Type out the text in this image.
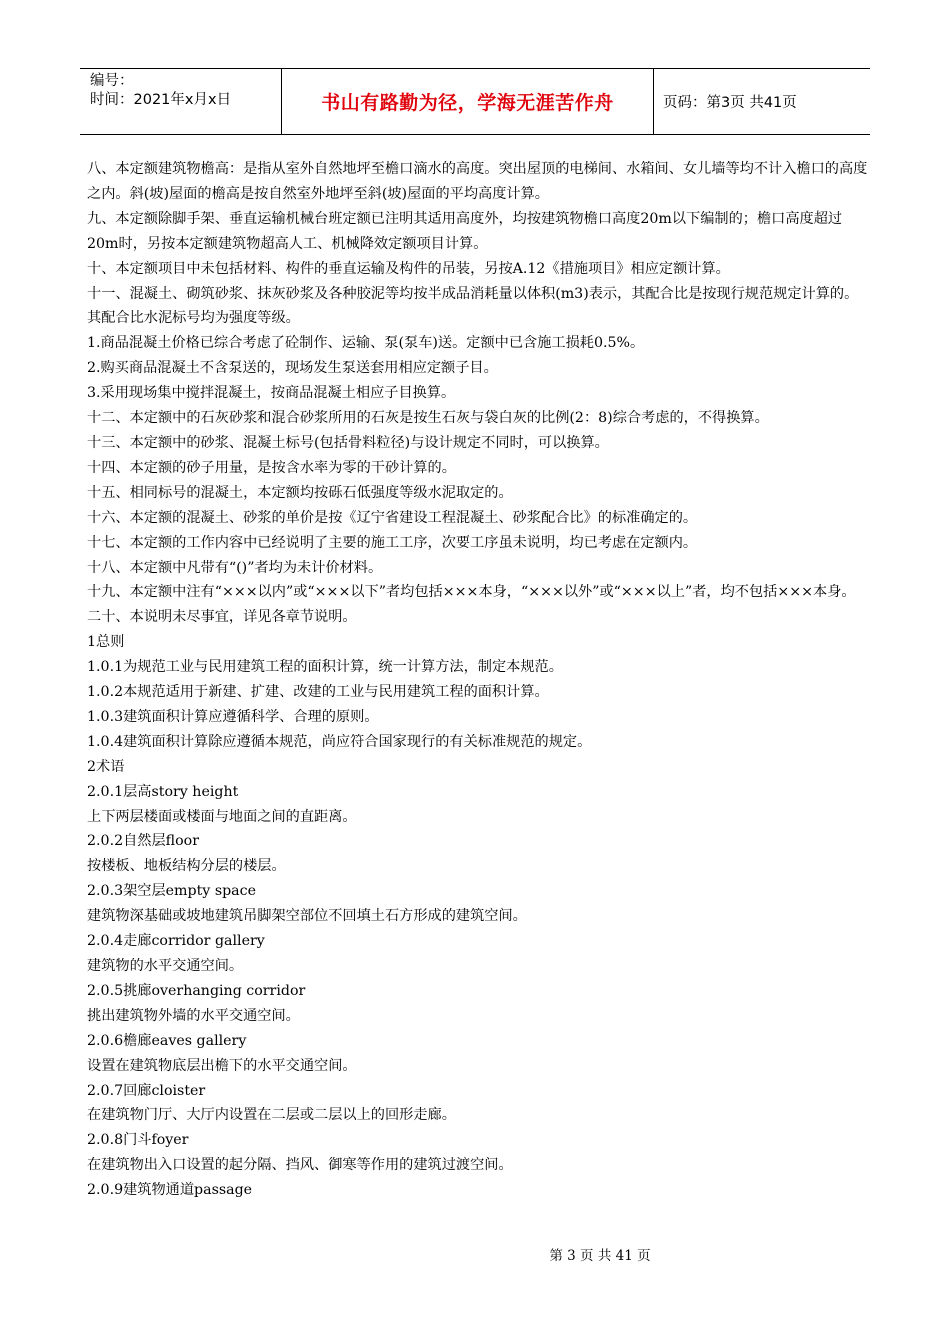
编号：
时间：2021年x月x日	书山有路勤为径，学海无涯苦作舟	页码：第3页 共41页

八、本定额建筑物檐高：是指从室外自然地坪至檐口滴水的高度。突出屋顶的电梯间、水箱间、女儿墙等均不计入檐口的高度之内。斜(坡)屋面的檐高是按自然室外地坪至斜(坡)屋面的平均高度计算。

九、本定额除脚手架、垂直运输机械台班定额已注明其适用高度外，均按建筑物檐口高度20m以下编制的；檐口高度超过20m时，另按本定额建筑物超高人工、机械降效定额项目计算。

十、本定额项目中未包括材料、构件的垂直运输及构件的吊装，另按A.12《措施项目》相应定额计算。

十一、混凝土、砌筑砂浆、抹灰砂浆及各种胶泥等均按半成品消耗量以体积(m3)表示，其配合比是按现行规范规定计算的。其配合比水泥标号均为强度等级。

1.商品混凝土价格已综合考虑了砼制作、运输、泵(泵车)送。定额中已含施工损耗0.5%。

2.购买商品混凝土不含泵送的，现场发生泵送套用相应定额子目。

3.采用现场集中搅拌混凝土，按商品混凝土相应子目换算。

十二、本定额中的石灰砂浆和混合砂浆所用的石灰是按生石灰与袋白灰的比例(2：8)综合考虑的，不得换算。

十三、本定额中的砂浆、混凝土标号(包括骨料粒径)与设计规定不同时，可以换算。

十四、本定额的砂子用量，是按含水率为零的干砂计算的。

十五、相同标号的混凝土，本定额均按砾石低强度等级水泥取定的。

十六、本定额的混凝土、砂浆的单价是按《辽宁省建设工程混凝土、砂浆配合比》的标准确定的。

十七、本定额的工作内容中已经说明了主要的施工工序，次要工序虽未说明，均已考虑在定额内。

十八、本定额中凡带有“()”者均为未计价材料。

十九、本定额中注有“×××以内”或“×××以下”者均包括×××本身，“×××以外”或“×××以上”者，均不包括×××本身。

二十、本说明未尽事宜，详见各章节说明。

1总则

1.0.1为规范工业与民用建筑工程的面积计算，统一计算方法，制定本规范。

1.0.2本规范适用于新建、扩建、改建的工业与民用建筑工程的面积计算。

1.0.3建筑面积计算应遵循科学、合理的原则。

1.0.4建筑面积计算除应遵循本规范，尚应符合国家现行的有关标准规范的规定。

2术语

2.0.1层高story height

上下两层楼面或楼面与地面之间的直距离。

2.0.2自然层floor

按楼板、地板结构分层的楼层。

2.0.3架空层empty space

建筑物深基础或坡地建筑吊脚架空部位不回填土石方形成的建筑空间。

2.0.4走廊corridor gallery

建筑物的水平交通空间。

2.0.5挑廊overhanging corridor

挑出建筑物外墙的水平交通空间。

2.0.6檐廊eaves gallery

设置在建筑物底层出檐下的水平交通空间。

2.0.7回廊cloister

在建筑物门厅、大厅内设置在二层或二层以上的回形走廊。

2.0.8门斗foyer

在建筑物出入口设置的起分隔、挡风、御寒等作用的建筑过渡空间。

2.0.9建筑物通道passage

第 3 页 共 41 页
